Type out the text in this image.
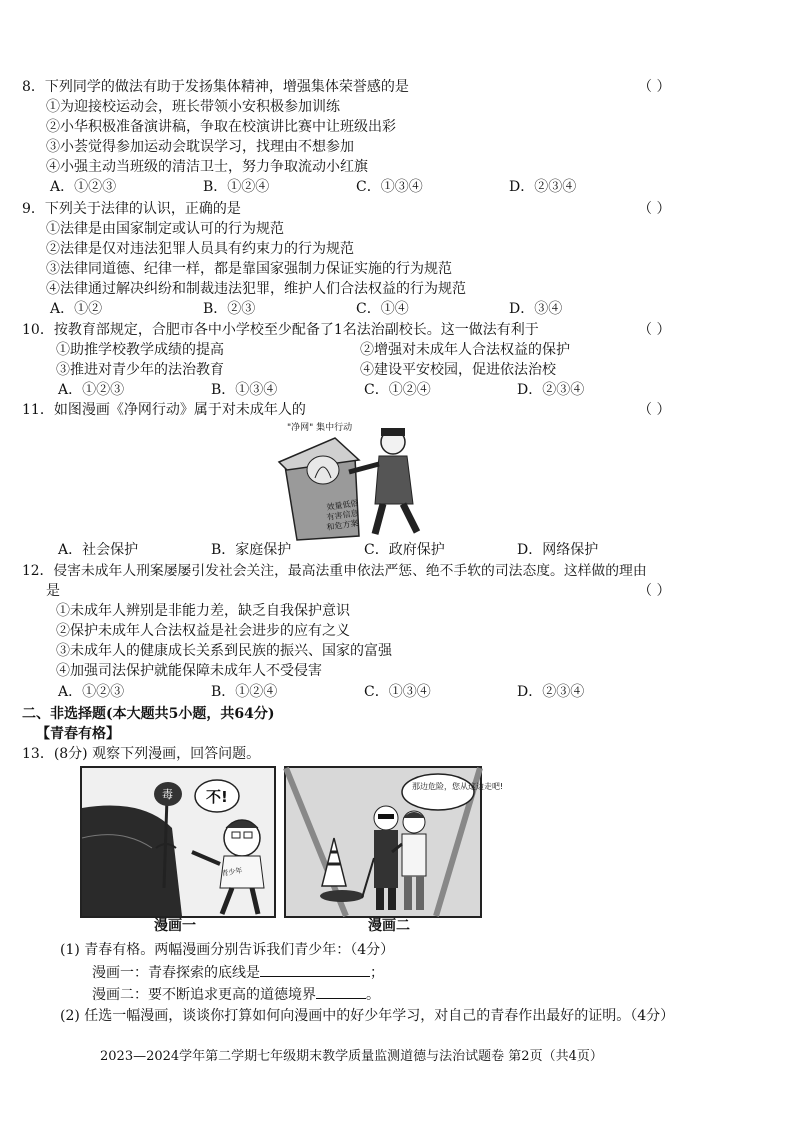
8．下列同学的做法有助于发扬集体精神，增强集体荣誉感的是	（ ）
①为迎接校运动会，班长带领小安积极参加训练
②小华积极准备演讲稿，争取在校演讲比赛中让班级出彩
③小荟觉得参加运动会耽误学习，找理由不想参加
④小强主动当班级的清洁卫士，努力争取流动小红旗
A．①②③	B．①②④	C．①③④	D．②③④
9．下列关于法律的认识，正确的是	（ ）
①法律是由国家制定或认可的行为规范
②法律是仅对违法犯罪人员具有约束力的行为规范
③法律同道德、纪律一样，都是靠国家强制力保证实施的行为规范
④法律通过解决纠纷和制裁违法犯罪，维护人们合法权益的行为规范
A．①②	B．②③	C．①④	D．③④
10．按教育部规定，合肥市各中小学校至少配备了1名法治副校长。这一做法有利于	（ ）
①助推学校教学成绩的提高	②增强对未成年人合法权益的保护
③推进对青少年的法治教育	④建设平安校园，促进依法治校
A．①②③	B．①③④	C．①②④	D．②③④
11．如图漫画《净网行动》属于对未成年人的	（ ）
"净网" 集中行动
效量低俗
有害信息
和危方案
A．社会保护	B．家庭保护	C．政府保护	D．网络保护
12．侵害未成年人刑案屡屡引发社会关注，最高法重申依法严惩、绝不手软的司法态度。这样做的理由
是	（ ）
①未成年人辨别是非能力差，缺乏自我保护意识
②保护未成年人合法权益是社会进步的应有之义
③未成年人的健康成长关系到民族的振兴、国家的富强
④加强司法保护就能保障未成年人不受侵害
A．①②③	B．①②④	C．①③④	D．②③④
二、非选择题(本大题共5小题，共64分)
【青春有格】
13．(8分) 观察下列漫画，回答问题。
毒 不!
青少年
漫画一
那边危险，您从这边走吧!
漫画二
(1) 青春有格。两幅漫画分别告诉我们青少年：（4分）
漫画一：青春探索的底线是	；
漫画二：要不断追求更高的道德境界	。
(2) 任选一幅漫画，谈谈你打算如何向漫画中的好少年学习，对自己的青春作出最好的证明。（4分）
2023—2024学年第二学期七年级期末教学质量监测道德与法治试题卷 第2页（共4页）
